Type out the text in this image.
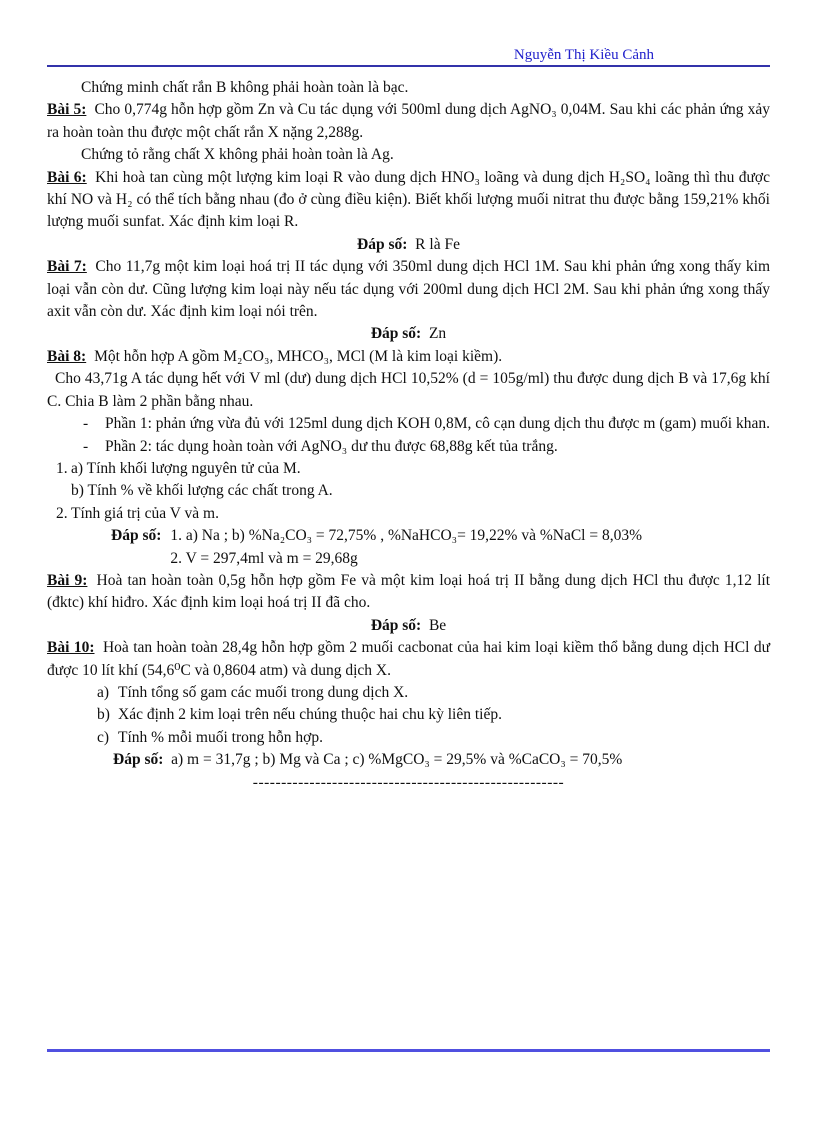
Nguyễn Thị Kiều Cảnh

Chứng minh chất rắn B không phải hoàn toàn là bạc.

Bài 5: Cho 0,774g hỗn hợp gồm Zn và Cu tác dụng với 500ml dung dịch AgNO₃ 0,04M. Sau khi các phản ứng xảy ra hoàn toàn thu được một chất rắn X nặng 2,288g.

Chứng tỏ rằng chất X không phải hoàn toàn là Ag.

Bài 6: Khi hoà tan cùng một lượng kim loại R vào dung dịch HNO₃ loãng và dung dịch H₂SO₄ loãng thì thu được khí NO và H₂ có thể tích bằng nhau (đo ở cùng điều kiện). Biết khối lượng muối nitrat thu được bằng 159,21% khối lượng muối sunfat. Xác định kim loại R.

Đáp số:  R là Fe

Bài 7: Cho 11,7g một kim loại hoá trị II tác dụng với 350ml dung dịch HCl 1M. Sau khi phản ứng xong thấy kim loại vẫn còn dư. Cũng lượng kim loại này nếu tác dụng với 200ml dung dịch HCl 2M. Sau khi phản ứng xong thấy axit vẫn còn dư. Xác định kim loại nói trên.

Đáp số:  Zn

Bài 8: Một hỗn hợp A gồm M₂CO₃, MHCO₃, MCl (M là kim loại kiềm).

Cho 43,71g A tác dụng hết với V ml (dư) dung dịch HCl 10,52% (d = 105g/ml) thu được dung dịch B và 17,6g khí C. Chia B làm 2 phần bằng nhau.

-	Phần 1: phản ứng vừa đủ với 125ml dung dịch KOH 0,8M, cô cạn dung dịch thu được m (gam) muối khan.
-	Phần 2: tác dụng hoàn toàn với AgNO₃ dư thu được 68,88g kết tủa trắng.
1. a) Tính khối lượng nguyên tử của M.
b) Tính % về khối lượng các chất trong A.
2. Tính giá trị của V và m.
Đáp số: 1. a) Na ; b) %Na₂CO₃ = 72,75% , %NaHCO₃= 19,22% và %NaCl = 8,03%
2. V = 297,4ml và m = 29,68g

Bài 9: Hoà tan hoàn toàn 0,5g hỗn hợp gồm Fe và một kim loại hoá trị II bằng dung dịch HCl thu được 1,12 lít (đktc) khí hiđro. Xác định kim loại hoá trị II đã cho.

Đáp số:  Be

Bài 10: Hoà tan hoàn toàn 28,4g hỗn hợp gồm 2 muối cacbonat của hai kim loại kiềm thổ bằng dung dịch HCl dư được 10 lít khí (54,6⁰C và 0,8604 atm) và dung dịch X.

a) Tính tổng số gam các muối trong dung dịch X.
b) Xác định 2 kim loại trên nếu chúng thuộc hai chu kỳ liên tiếp.
c) Tính % mỗi muối trong hỗn hợp.
Đáp số:  a) m = 31,7g ; b) Mg và Ca ; c) %MgCO₃ = 29,5% và %CaCO₃ = 70,5%

-------------------------------------------------------
